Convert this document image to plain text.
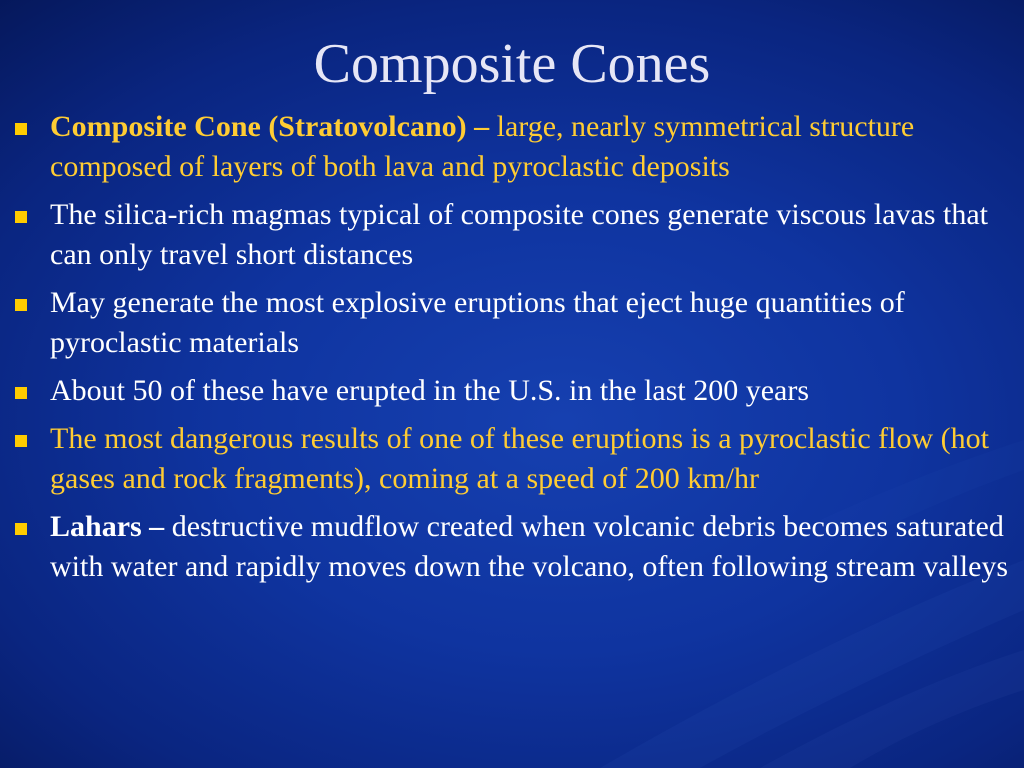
Composite Cones
Composite Cone (Stratovolcano) – large, nearly symmetrical structure composed of layers of both lava and pyroclastic deposits
The silica-rich magmas typical of composite cones generate viscous lavas that can only travel short distances
May generate the most explosive eruptions that eject huge quantities of pyroclastic materials
About 50 of these have erupted in the U.S. in the last 200 years
The most dangerous results of one of these eruptions is a pyroclastic flow (hot gases and rock fragments), coming at a speed of 200 km/hr
Lahars – destructive mudflow created when volcanic debris becomes saturated with water and rapidly moves down the volcano, often following stream valleys
